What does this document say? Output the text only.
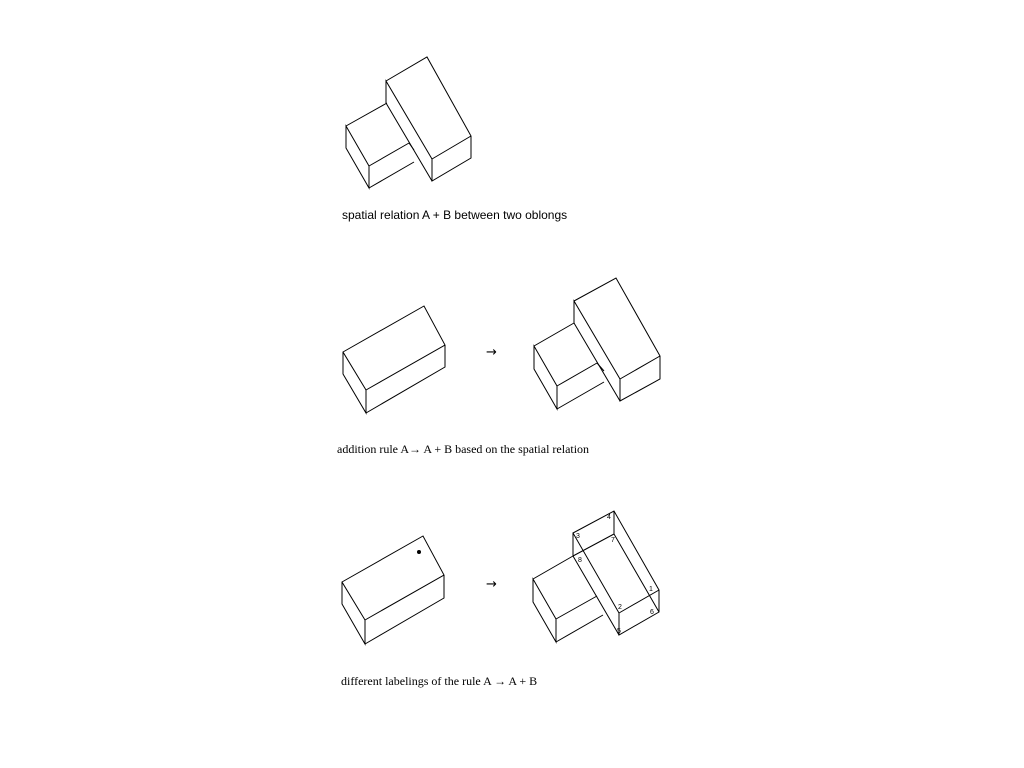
spatial relation A + B between two oblongs
→
addition rule A→ A + B based on the spatial relation
→
3
4
7
8
1
2
6
5
different labelings of the rule A → A + B
